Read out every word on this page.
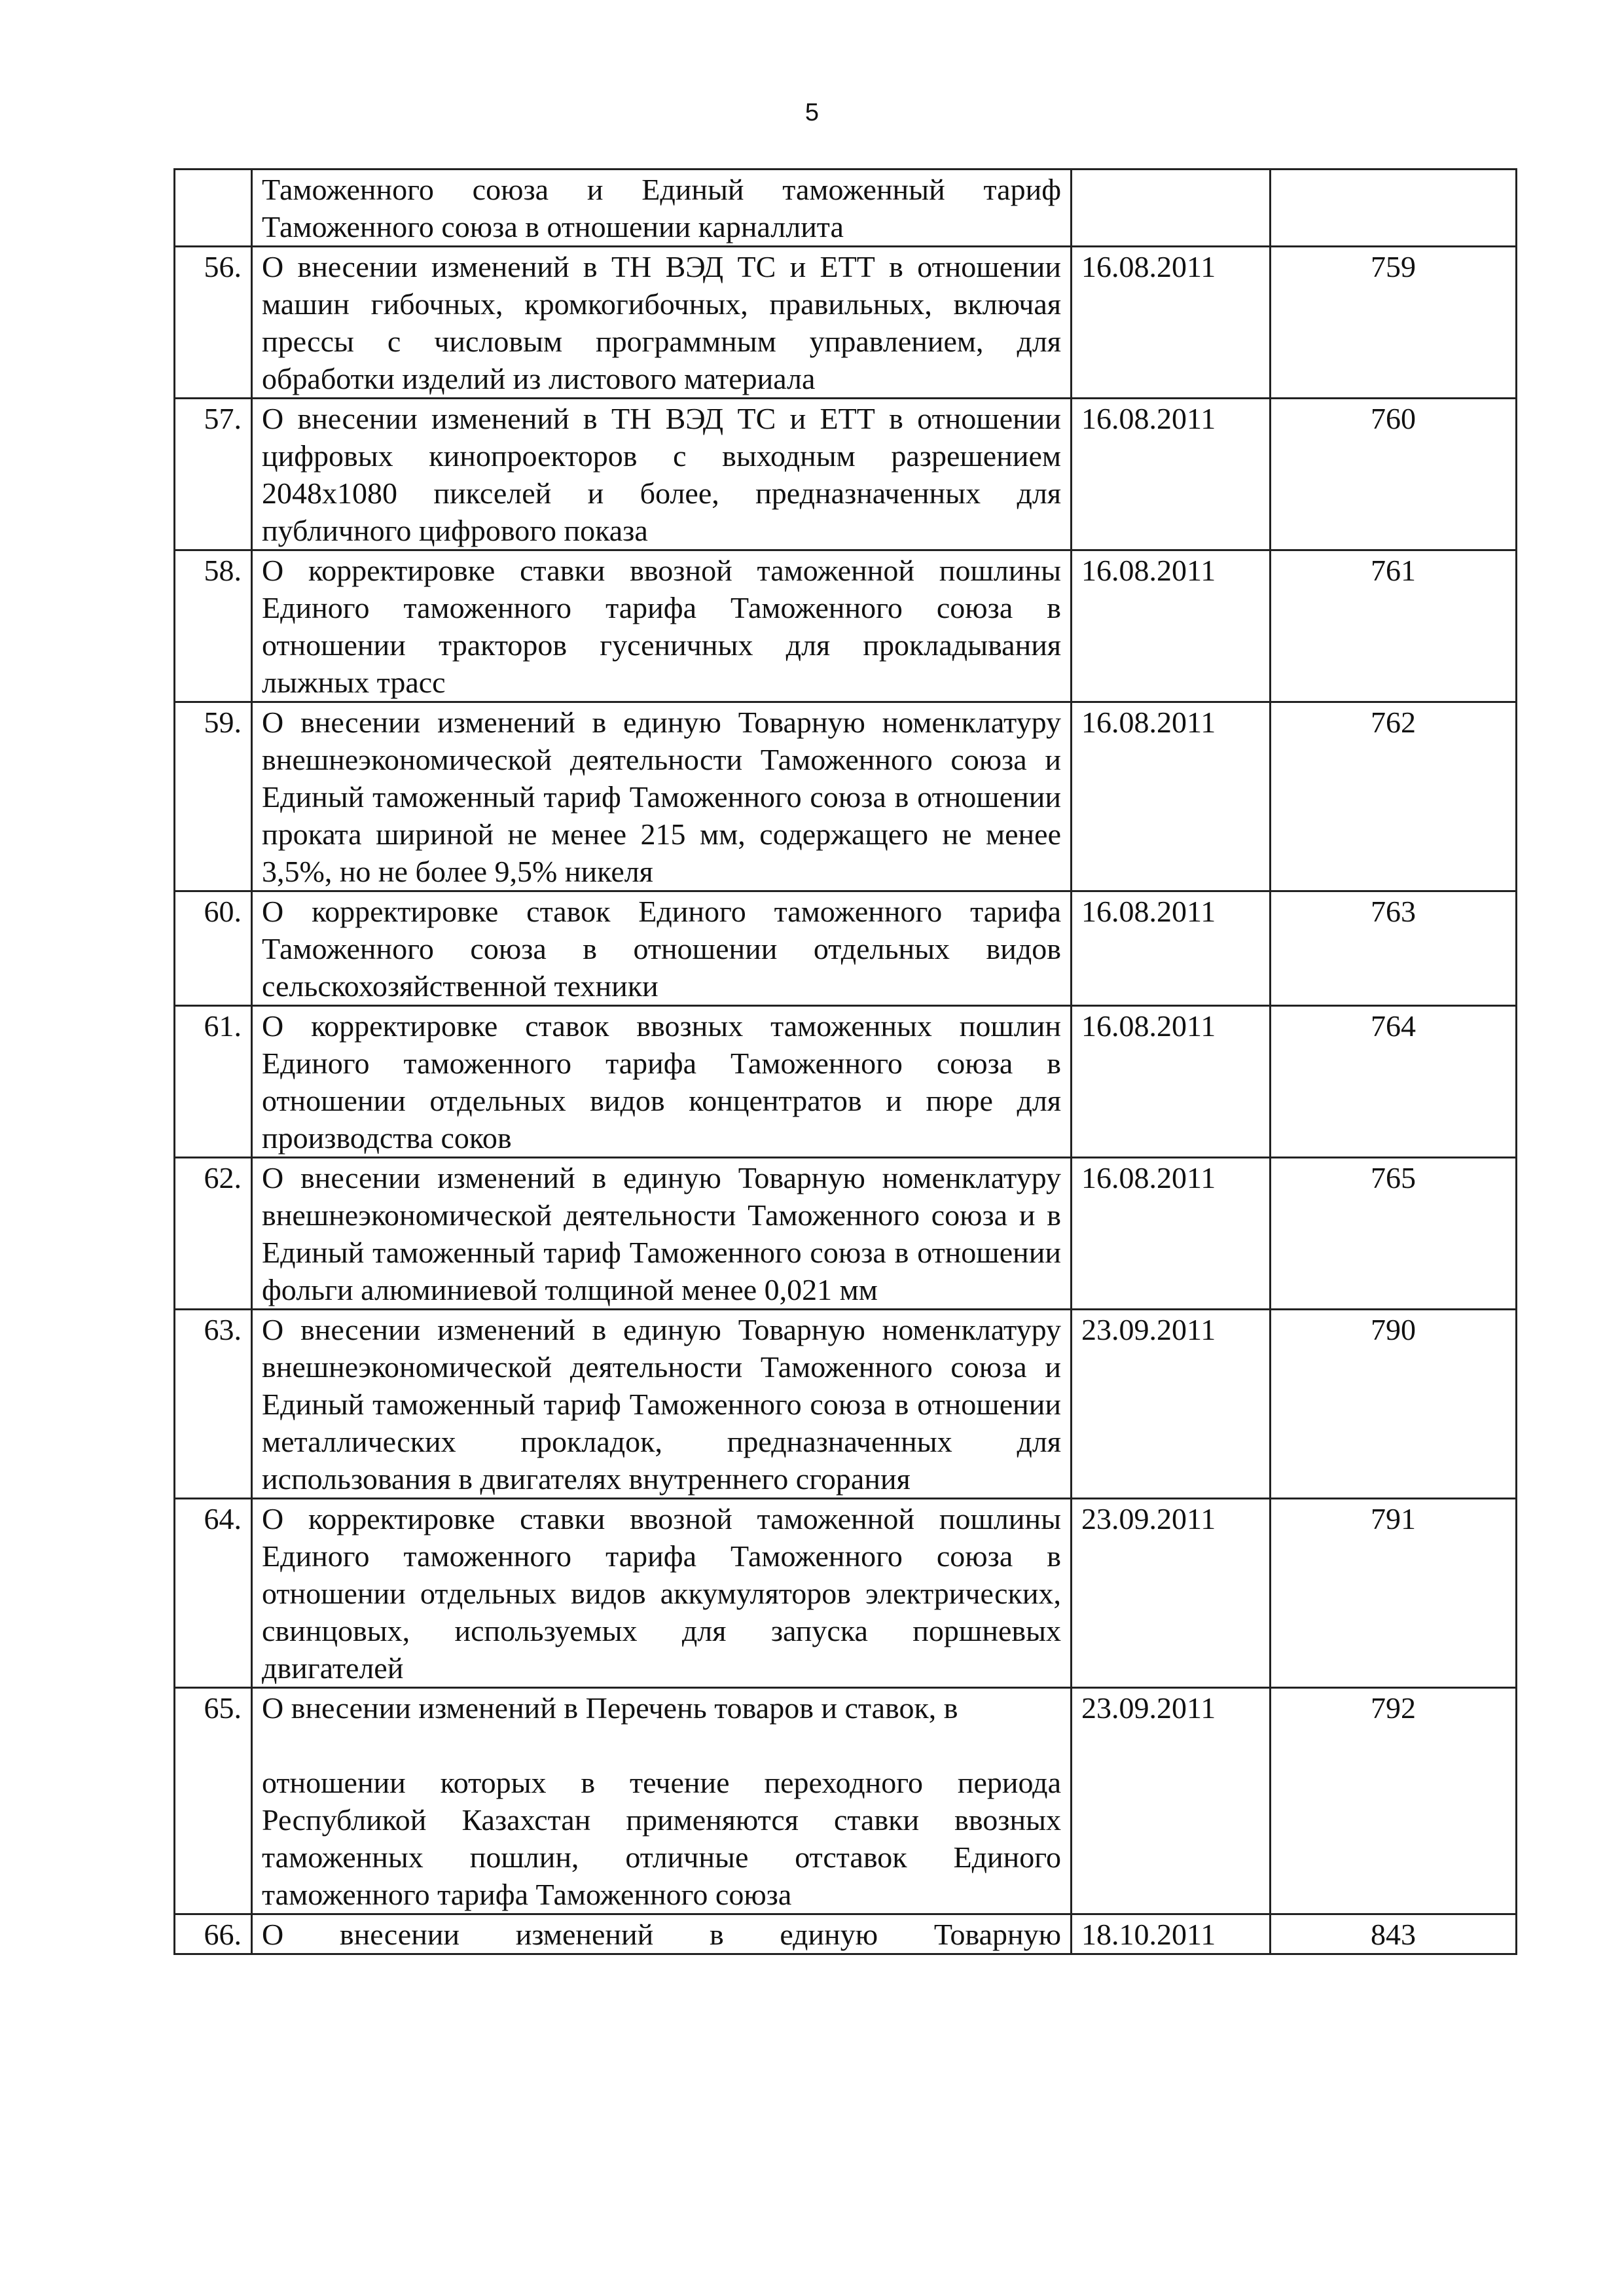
5

	Таможенного союза и Единый таможенный тариф Таможенного союза в отношении карналлита		

56.	О внесении изменений в ТН ВЭД ТС и ЕТТ в отношении машин гибочных, кромкогибочных, правильных, включая прессы с числовым программным управлением, для обработки изделий из листового материала	16.08.2011	759
57.	О внесении изменений в ТН ВЭД ТС и ЕТТ в отношении цифровых кинопроекторов с выходным разрешением 2048х1080 пикселей и более, предназначенных для публичного цифрового показа	16.08.2011	760
58.	О корректировке ставки ввозной таможенной пошлины Единого таможенного тарифа Таможенного союза в отношении тракторов гусеничных для прокладывания лыжных трасс	16.08.2011	761
59.	О внесении изменений в единую Товарную номенклатуру внешнеэкономической деятельности Таможенного союза и Единый таможенный тариф Таможенного союза в отношении проката шириной не менее 215 мм, содержащего не менее 3,5%, но не более 9,5% никеля	16.08.2011	762
60.	О корректировке ставок Единого таможенного тарифа Таможенного союза в отношении отдельных видов сельскохозяйственной техники	16.08.2011	763
61.	О корректировке ставок ввозных таможенных пошлин Единого таможенного тарифа Таможенного союза в отношении отдельных видов концентратов и пюре для производства соков	16.08.2011	764
62.	О внесении изменений в единую Товарную номенклатуру внешнеэкономической деятельности Таможенного союза и в Единый таможенный тариф Таможенного союза в отношении фольги алюминиевой толщиной менее 0,021 мм	16.08.2011	765
63.	О внесении изменений в единую Товарную номенклатуру внешнеэкономической деятельности Таможенного союза и Единый таможенный тариф Таможенного союза в отношении металлических прокладок, предназначенных для использования в двигателях внутреннего сгорания	23.09.2011	790
64.	О корректировке ставки ввозной таможенной пошлины Единого таможенного тарифа Таможенного союза в отношении отдельных видов аккумуляторов электрических, свинцовых, используемых для запуска поршневых двигателей	23.09.2011	791
65.	О внесении изменений в Перечень товаров и ставок, в

отношении которых в течение переходного периода Республикой Казахстан применяются ставки ввозных таможенных пошлин, отличные отставок Единого таможенного тарифа Таможенного союза	23.09.2011	792
66.	О внесении изменений в единую Товарную	18.10.2011	843
